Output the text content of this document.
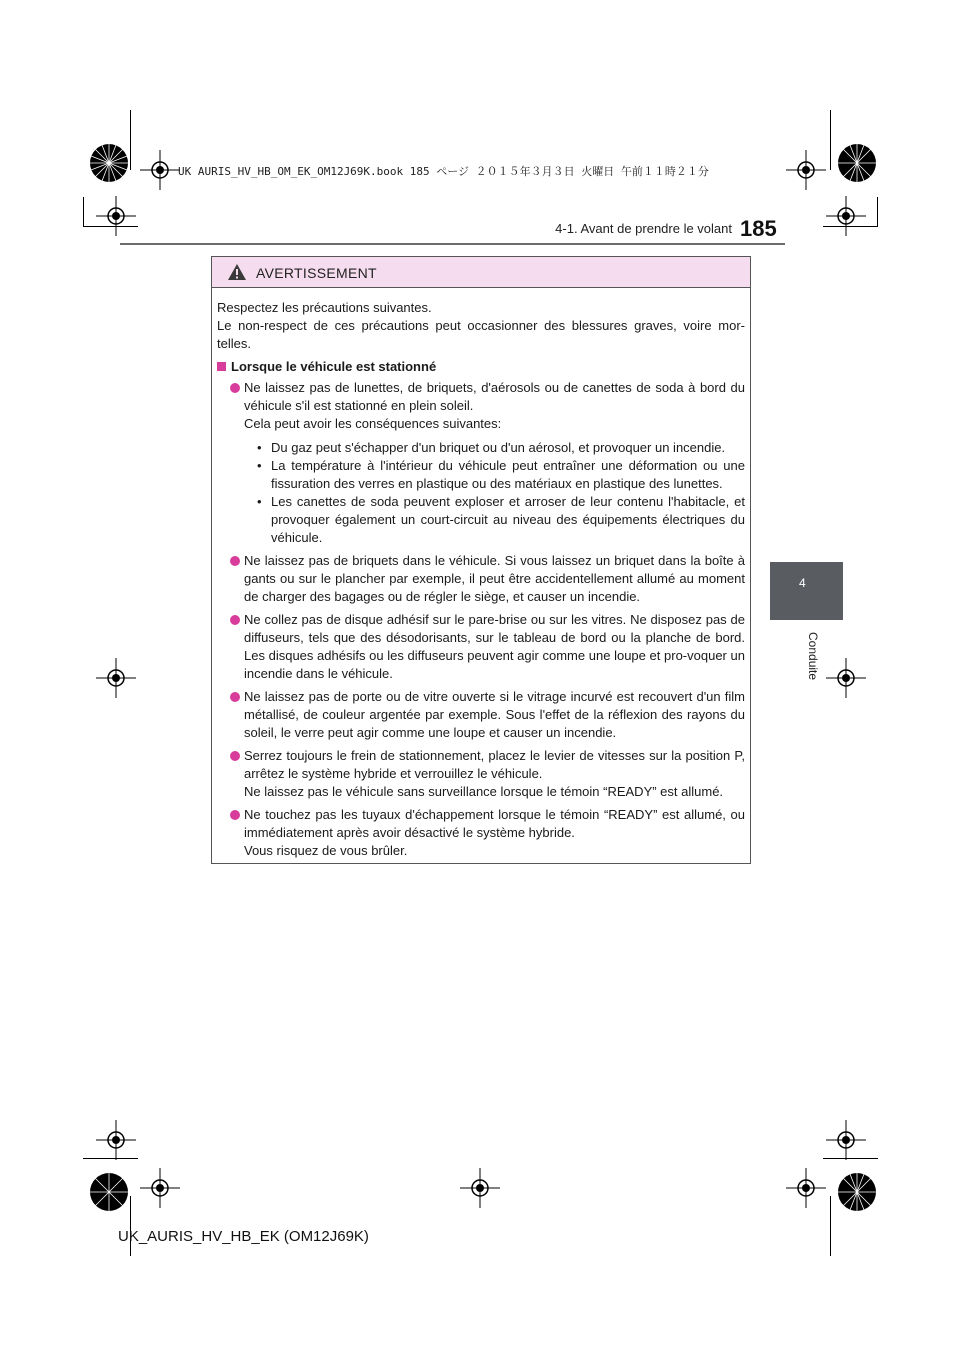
UK AURIS_HV_HB_OM_EK_OM12J69K.book 185 ページ ２０１５年３月３日 火曜日 午前１１時２１分
185
4-1. Avant de prendre le volant
4
Conduite
AVERTISSEMENT

Respectez les précautions suivantes.

Le non-respect de ces précautions peut occasionner des blessures graves, voire mor-telles.

Lorsque le véhicule est stationné

Ne laissez pas de lunettes, de briquets, d'aérosols ou de canettes de soda à bord du véhicule s'il est stationné en plein soleil.

Cela peut avoir les conséquences suivantes:

• Du gaz peut s'échapper d'un briquet ou d'un aérosol, et provoquer un incendie.
• La température à l'intérieur du véhicule peut entraîner une déformation ou une fissuration des verres en plastique ou des matériaux en plastique des lunettes.
• Les canettes de soda peuvent exploser et arroser de leur contenu l'habitacle, et provoquer également un court-circuit au niveau des équipements électriques du véhicule.

Ne laissez pas de briquets dans le véhicule. Si vous laissez un briquet dans la boîte à gants ou sur le plancher par exemple, il peut être accidentellement allumé au moment de charger des bagages ou de régler le siège, et causer un incendie.

Ne collez pas de disque adhésif sur le pare-brise ou sur les vitres. Ne disposez pas de diffuseurs, tels que des désodorisants, sur le tableau de bord ou la planche de bord. Les disques adhésifs ou les diffuseurs peuvent agir comme une loupe et pro-voquer un incendie dans le véhicule.

Ne laissez pas de porte ou de vitre ouverte si le vitrage incurvé est recouvert d'un film métallisé, de couleur argentée par exemple. Sous l'effet de la réflexion des rayons du soleil, le verre peut agir comme une loupe et causer un incendie.

Serrez toujours le frein de stationnement, placez le levier de vitesses sur la position P, arrêtez le système hybride et verrouillez le véhicule.

Ne laissez pas le véhicule sans surveillance lorsque le témoin “READY” est allumé.

Ne touchez pas les tuyaux d'échappement lorsque le témoin “READY” est allumé, ou immédiatement après avoir désactivé le système hybride.

Vous risquez de vous brûler.

UK_AURIS_HV_HB_EK (OM12J69K)
